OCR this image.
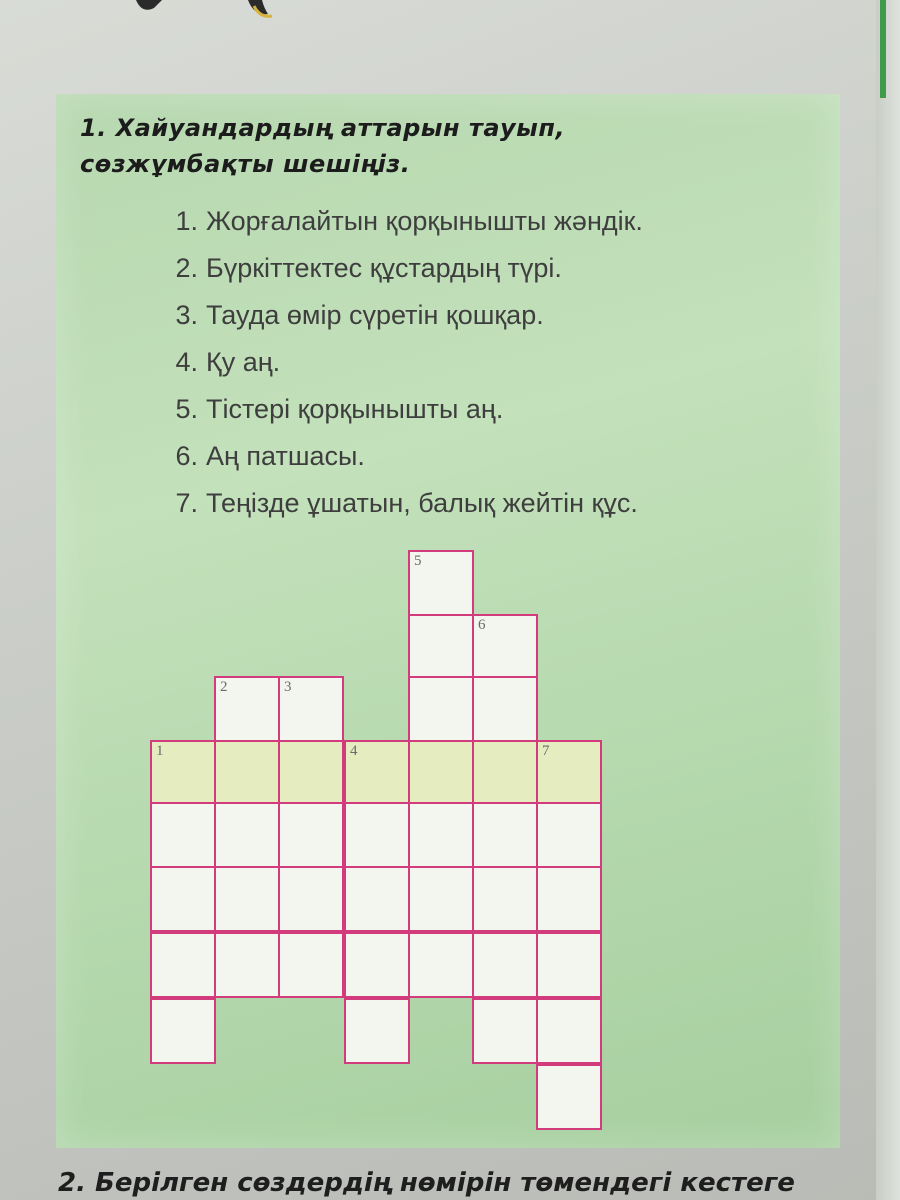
1. Хайуандардың аттарын тауып,
сөзжұмбақты шешіңіз.
1. Жорғалайтын қорқынышты жәндік.
2. Бүркіттектес құстардың түрі.
3. Тауда өмір сүретін қошқар.
4. Қу аң.
5. Тістері қорқынышты аң.
6. Аң патшасы.
7. Теңізде ұшатын, балық жейтін құс.
1
2	3
4
5
6
7
2. Берілген сөздердің нөмірін төмендегі кестеге
